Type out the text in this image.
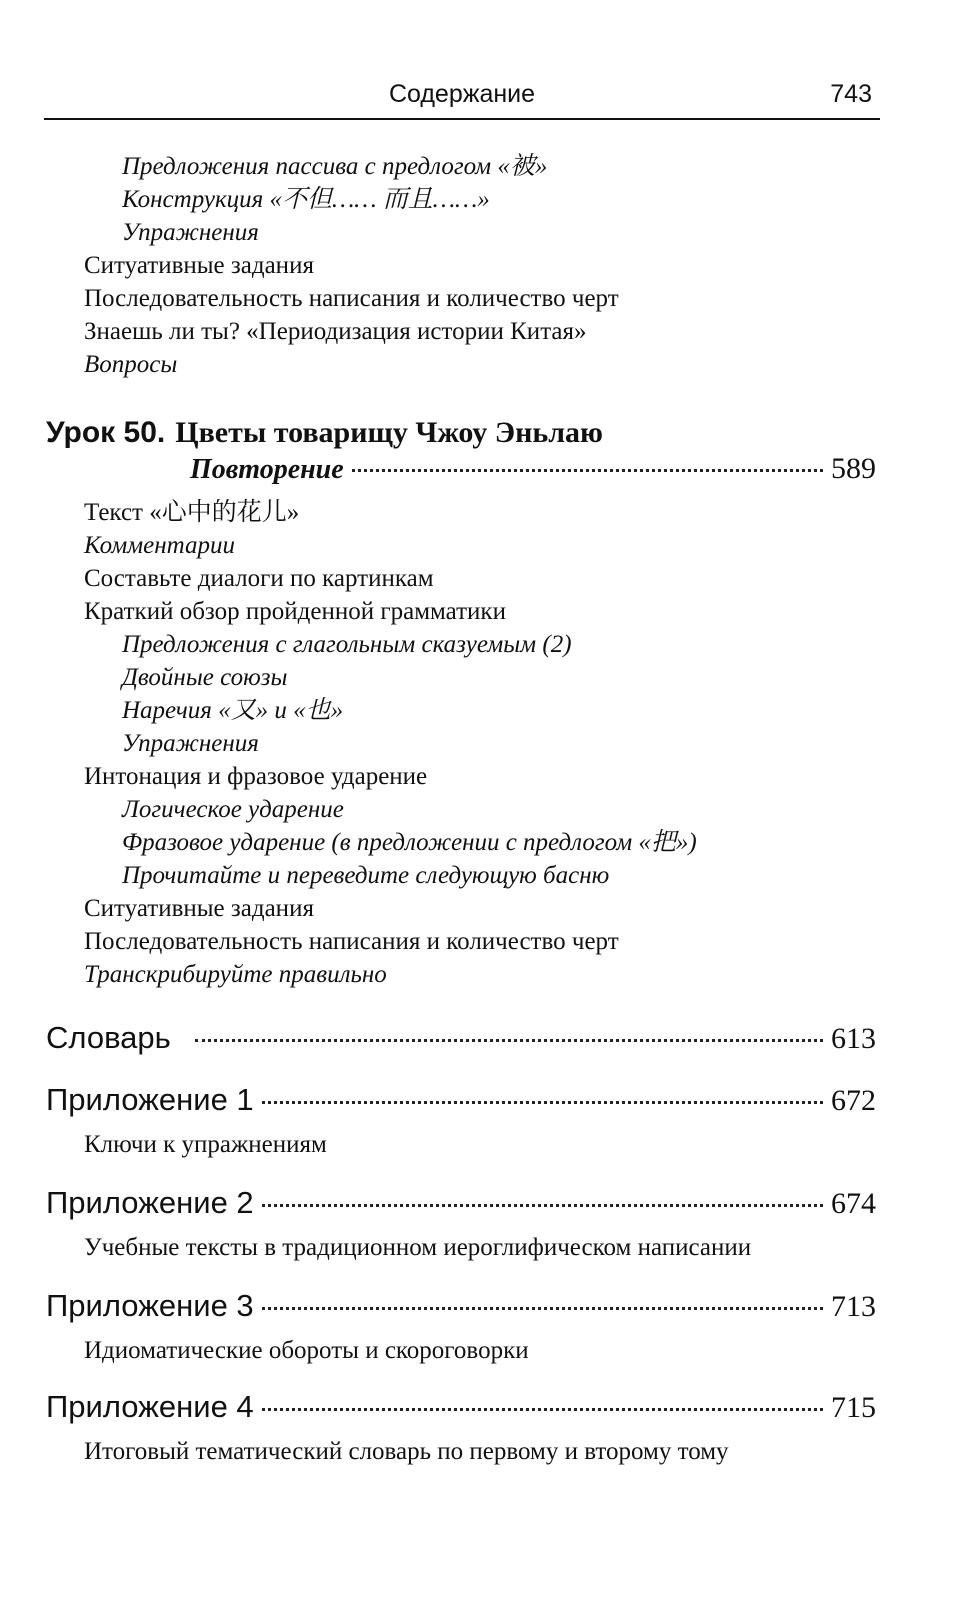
Содержание	743
Предложения пассива с предлогом «被»
Конструкция «不但…… 而且……»
Упражнения
Ситуативные задания
Последовательность написания и количество черт
Знаешь ли ты? «Периодизация истории Китая»
Вопросы
Урок 50. Цветы товарищу Чжоу Эньлаю
Повторение	589
Текст «心中的花儿»
Комментарии
Составьте диалоги по картинкам
Краткий обзор пройденной грамматики
Предложения с глагольным сказуемым (2)
Двойные союзы
Наречия «又» и «也»
Упражнения
Интонация и фразовое ударение
Логическое ударение
Фразовое ударение (в предложении с предлогом «把»)
Прочитайте и переведите следующую басню
Ситуативные задания
Последовательность написания и количество черт
Транскрибируйте правильно
Словарь	613
Приложение 1	672
Ключи к упражнениям
Приложение 2	674
Учебные тексты в традиционном иероглифическом написании
Приложение 3	713
Идиоматические обороты и скороговорки
Приложение 4	715
Итоговый тематический словарь по первому и второму тому
